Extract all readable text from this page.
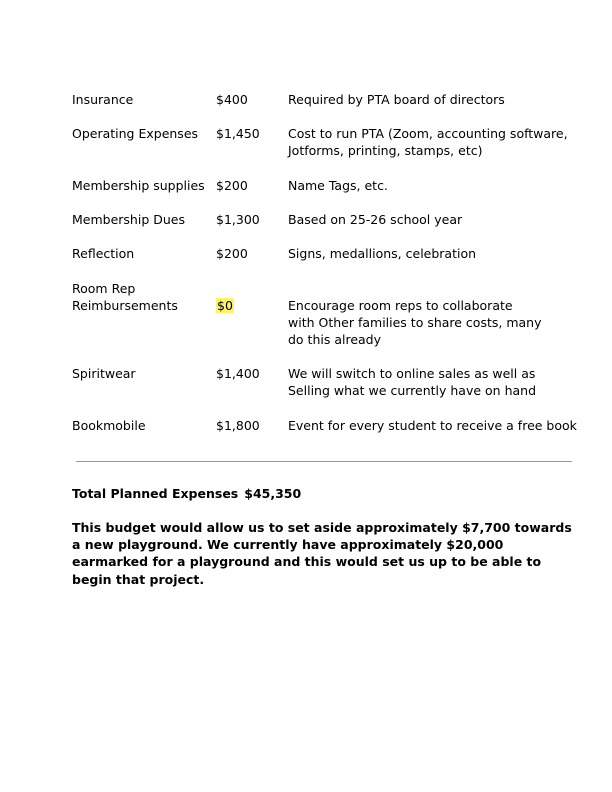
Insurance	$400	Required by PTA board of directors
Operating Expenses	$1,450	Cost to run PTA (Zoom, accounting software, Jotforms, printing, stamps, etc)
Membership supplies $200	Name Tags, etc.
Membership Dues	$1,300	Based on 25-26 school year
Reflection	$200	Signs, medallions, celebration
Room Rep Reimbursements	$0	Encourage room reps to collaborate with Other families to share costs, many do this already
Spiritwear	$1,400	We will switch to online sales as well as Selling what we currently have on hand
Bookmobile	$1,800	Event for every student to receive a free book
Total Planned Expenses $45,350
This budget would allow us to set aside approximately $7,700 towards a new playground. We currently have approximately $20,000 earmarked for a playground and this would set us up to be able to begin that project.
